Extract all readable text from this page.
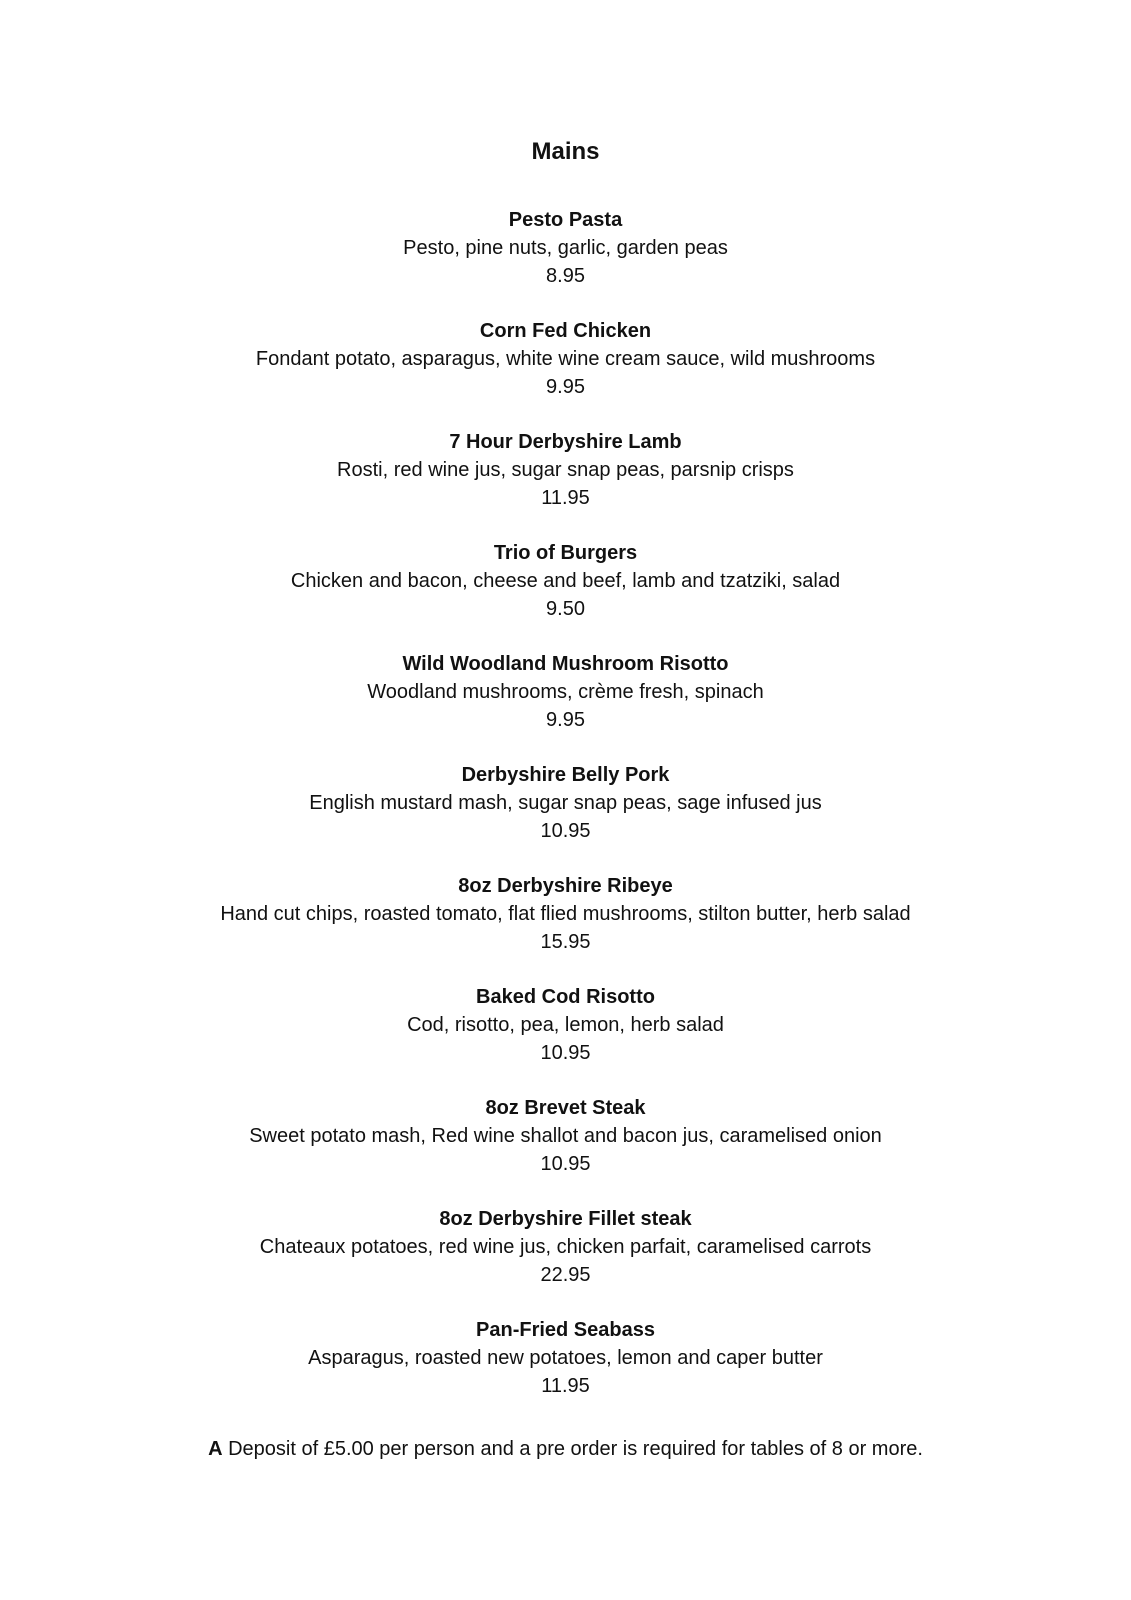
Mains
Pesto Pasta
Pesto, pine nuts, garlic, garden peas
8.95
Corn Fed Chicken
Fondant potato, asparagus, white wine cream sauce, wild mushrooms
9.95
7 Hour Derbyshire Lamb
Rosti, red wine jus, sugar snap peas, parsnip crisps
11.95
Trio of Burgers
Chicken and bacon, cheese and beef, lamb and tzatziki, salad
9.50
Wild Woodland Mushroom Risotto
Woodland mushrooms, crème fresh, spinach
9.95
Derbyshire Belly Pork
English mustard mash, sugar snap peas, sage infused jus
10.95
8oz Derbyshire Ribeye
Hand cut chips, roasted tomato, flat flied mushrooms, stilton butter, herb salad
15.95
Baked Cod Risotto
Cod, risotto, pea, lemon, herb salad
10.95
8oz Brevet Steak
Sweet potato mash, Red wine shallot and bacon jus, caramelised onion
10.95
8oz Derbyshire Fillet steak
Chateaux potatoes, red wine jus, chicken parfait, caramelised carrots
22.95
Pan-Fried Seabass
Asparagus, roasted new potatoes, lemon and caper butter
11.95
A Deposit of £5.00 per person and a pre order is required for tables of 8 or more.
